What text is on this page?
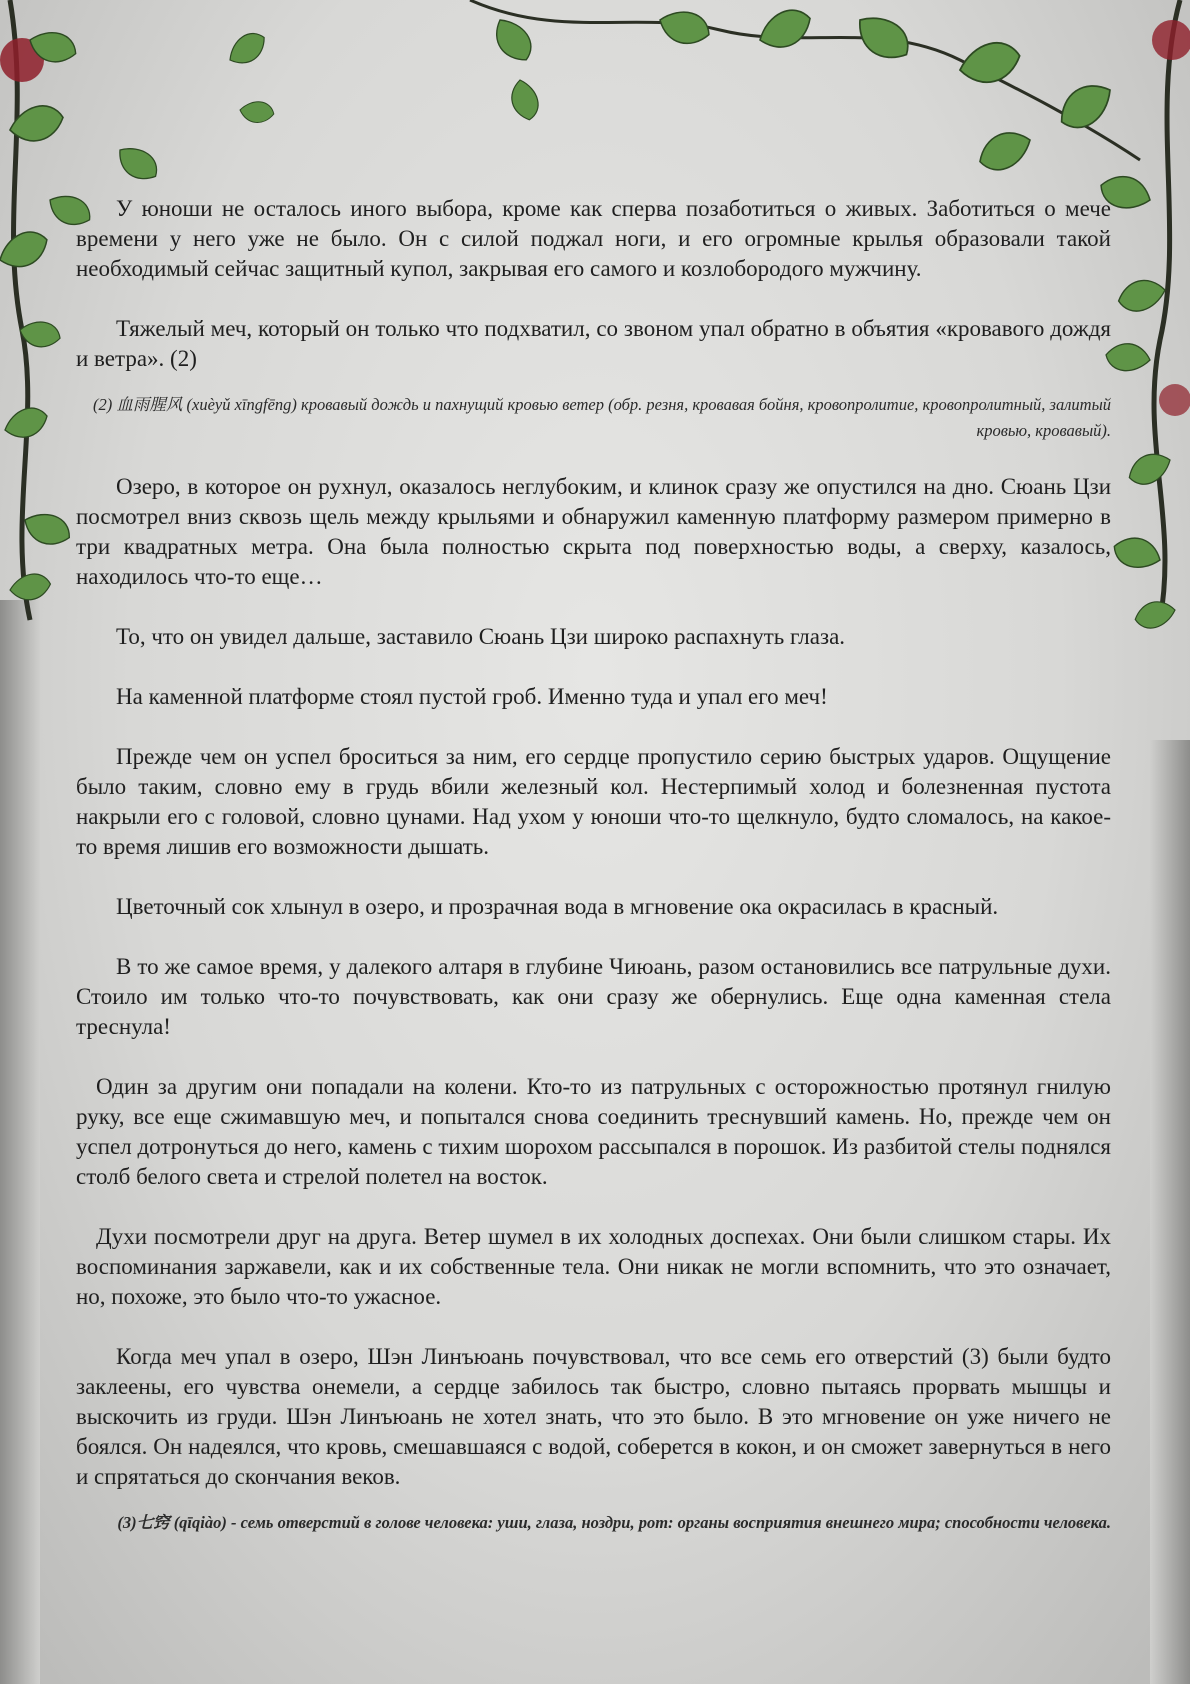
У юноши не осталось иного выбора, кроме как сперва позаботиться о живых. Заботиться о мече времени у него уже не было. Он с силой поджал ноги, и его огромные крылья образовали такой необходимый сейчас защитный купол, закрывая его самого и козлобородого мужчину.

Тяжелый меч, который он только что подхватил, со звоном упал обратно в объятия «кровавого дождя и ветра». (2)

(2) 血雨腥风 (xuèyǔ xīngfēng) кровавый дождь и пахнущий кровью ветер (обр. резня, кровавая бойня, кровопролитие, кровопролитный, залитый кровью, кровавый).

Озеро, в которое он рухнул, оказалось неглубоким, и клинок сразу же опустился на дно. Сюань Цзи посмотрел вниз сквозь щель между крыльями и обнаружил каменную платформу размером примерно в три квадратных метра. Она была полностью скрыта под поверхностью воды, а сверху, казалось, находилось что-то еще…

То, что он увидел дальше, заставило Сюань Цзи широко распахнуть глаза.

На каменной платформе стоял пустой гроб. Именно туда и упал его меч!

Прежде чем он успел броситься за ним, его сердце пропустило серию быстрых ударов. Ощущение было таким, словно ему в грудь вбили железный кол. Нестерпимый холод и болезненная пустота накрыли его с головой, словно цунами. Над ухом у юноши что-то щелкнуло, будто сломалось, на какое-то время лишив его возможности дышать.

Цветочный сок хлынул в озеро, и прозрачная вода в мгновение ока окрасилась в красный.

В то же самое время, у далекого алтаря в глубине Чиюань, разом остановились все патрульные духи. Стоило им только что-то почувствовать, как они сразу же обернулись. Еще одна каменная стела треснула!

Один за другим они попадали на колени. Кто-то из патрульных с осторожностью протянул гнилую руку, все еще сжимавшую меч, и попытался снова соединить треснувший камень. Но, прежде чем он успел дотронуться до него, камень с тихим шорохом рассыпался в порошок. Из разбитой стелы поднялся столб белого света и стрелой полетел на восток.

Духи посмотрели друг на друга. Ветер шумел в их холодных доспехах. Они были слишком стары. Их воспоминания заржавели, как и их собственные тела. Они никак не могли вспомнить, что это означает, но, похоже, это было что-то ужасное.

Когда меч упал в озеро, Шэн Линъюань почувствовал, что все семь его отверстий (3) были будто заклеены, его чувства онемели, а сердце забилось так быстро, словно пытаясь прорвать мышцы и выскочить из груди. Шэн Линъюань не хотел знать, что это было. В это мгновение он уже ничего не боялся. Он надеялся, что кровь, смешавшаяся с водой, соберется в кокон, и он сможет завернуться в него и спрятаться до скончания веков.

(3)七窍 (qīqiào) - семь отверстий в голове человека: уши, глаза, ноздри, рот: органы восприятия внешнего мира; способности человека.
